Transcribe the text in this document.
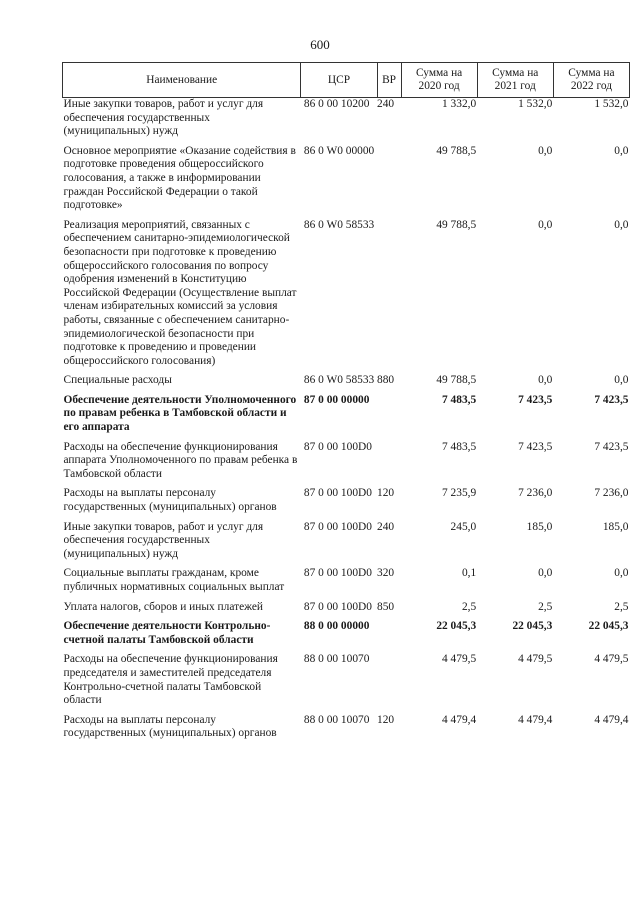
600
Наименование	ЦСР	ВР	Сумма на 2020 год	Сумма на 2021 год	Сумма на 2022 год
Иные закупки товаров, работ и услуг для обеспечения государственных (муниципальных) нужд	86 0 00 10200	240	1 332,0	1 532,0	1 532,0
Основное мероприятие «Оказание содействия в подготовке проведения общероссийского голосования, а также в информировании граждан Российской Федерации о такой подготовке»	86 0 W0 00000		49 788,5	0,0	0,0
Реализация мероприятий, связанных с обеспечением санитарно-эпидемиологической безопасности при подготовке к проведению общероссийского голосования по вопросу одобрения изменений в Конституцию Российской Федерации (Осуществление выплат членам избирательных комиссий за условия работы, связанные с обеспечением санитарно-эпидемиологической безопасности при подготовке к проведению и проведении общероссийского голосования)	86 0 W0 58533		49 788,5	0,0	0,0
Специальные расходы	86 0 W0 58533	880	49 788,5	0,0	0,0
Обеспечение деятельности Уполномоченного по правам ребенка в Тамбовской области и его аппарата	87 0 00 00000		7 483,5	7 423,5	7 423,5
Расходы на обеспечение функционирования аппарата Уполномоченного по правам ребенка в Тамбовской области	87 0 00 100D0		7 483,5	7 423,5	7 423,5
Расходы на выплаты персоналу государственных (муниципальных) органов	87 0 00 100D0	120	7 235,9	7 236,0	7 236,0
Иные закупки товаров, работ и услуг для обеспечения государственных (муниципальных) нужд	87 0 00 100D0	240	245,0	185,0	185,0
Социальные выплаты гражданам, кроме публичных нормативных социальных выплат	87 0 00 100D0	320	0,1	0,0	0,0
Уплата налогов, сборов и иных платежей	87 0 00 100D0	850	2,5	2,5	2,5
Обеспечение деятельности Контрольно-счетной палаты Тамбовской области	88 0 00 00000		22 045,3	22 045,3	22 045,3
Расходы на обеспечение функционирования председателя и заместителей председателя Контрольно-счетной палаты Тамбовской области	88 0 00 10070		4 479,5	4 479,5	4 479,5
Расходы на выплаты персоналу государственных (муниципальных) органов	88 0 00 10070	120	4 479,4	4 479,4	4 479,4
